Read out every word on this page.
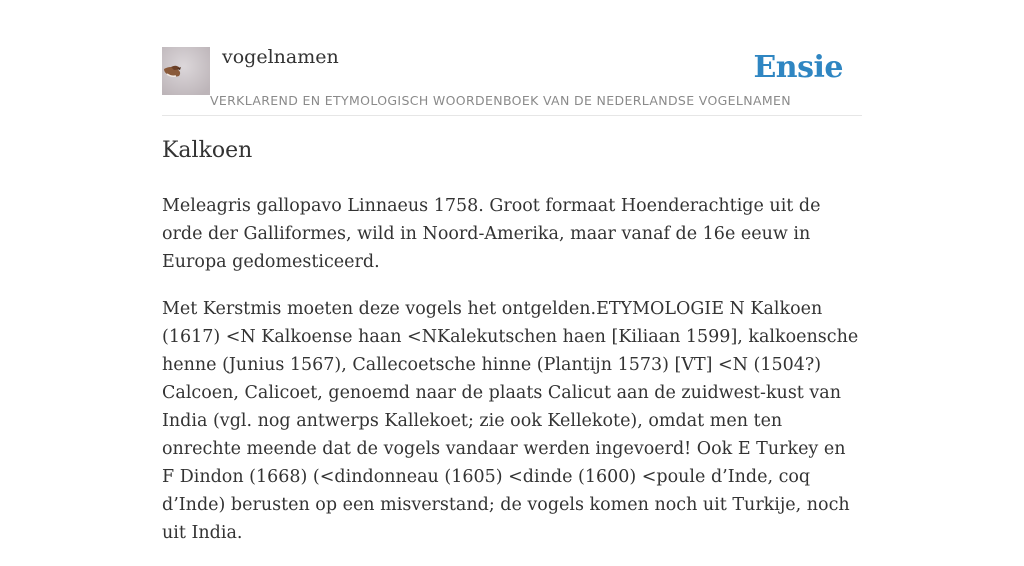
vogelnamen
VERKLAREND EN ETYMOLOGISCH WOORDENBOEK VAN DE NEDERLANDSE VOGELNAMEN
Ensie
Kalkoen

Meleagris gallopavo Linnaeus 1758. Groot formaat Hoenderachtige uit de orde der Galliformes, wild in Noord-Amerika, maar vanaf de 16e eeuw in Europa gedomesticeerd.

Met Kerstmis moeten deze vogels het ontgelden.ETYMOLOGIE N Kalkoen (1617) <N Kalkoense haan <NKalekutschen haen [Kiliaan 1599], kalkoensche henne (Junius 1567), Callecoetsche hinne (Plantijn 1573) [VT] <N (1504?) Calcoen, Calicoet, genoemd naar de plaats Calicut aan de zuidwest-kust van India (vgl. nog antwerps Kallekoet; zie ook Kellekote), omdat men ten onrechte meende dat de vogels vandaar werden ingevoerd! Ook E Turkey en F Dindon (1668) (<dindonneau (1605) <dinde (1600) <poule d’Inde, coq d’Inde) berusten op een misverstand; de vogels komen noch uit Turkije, noch uit India.
